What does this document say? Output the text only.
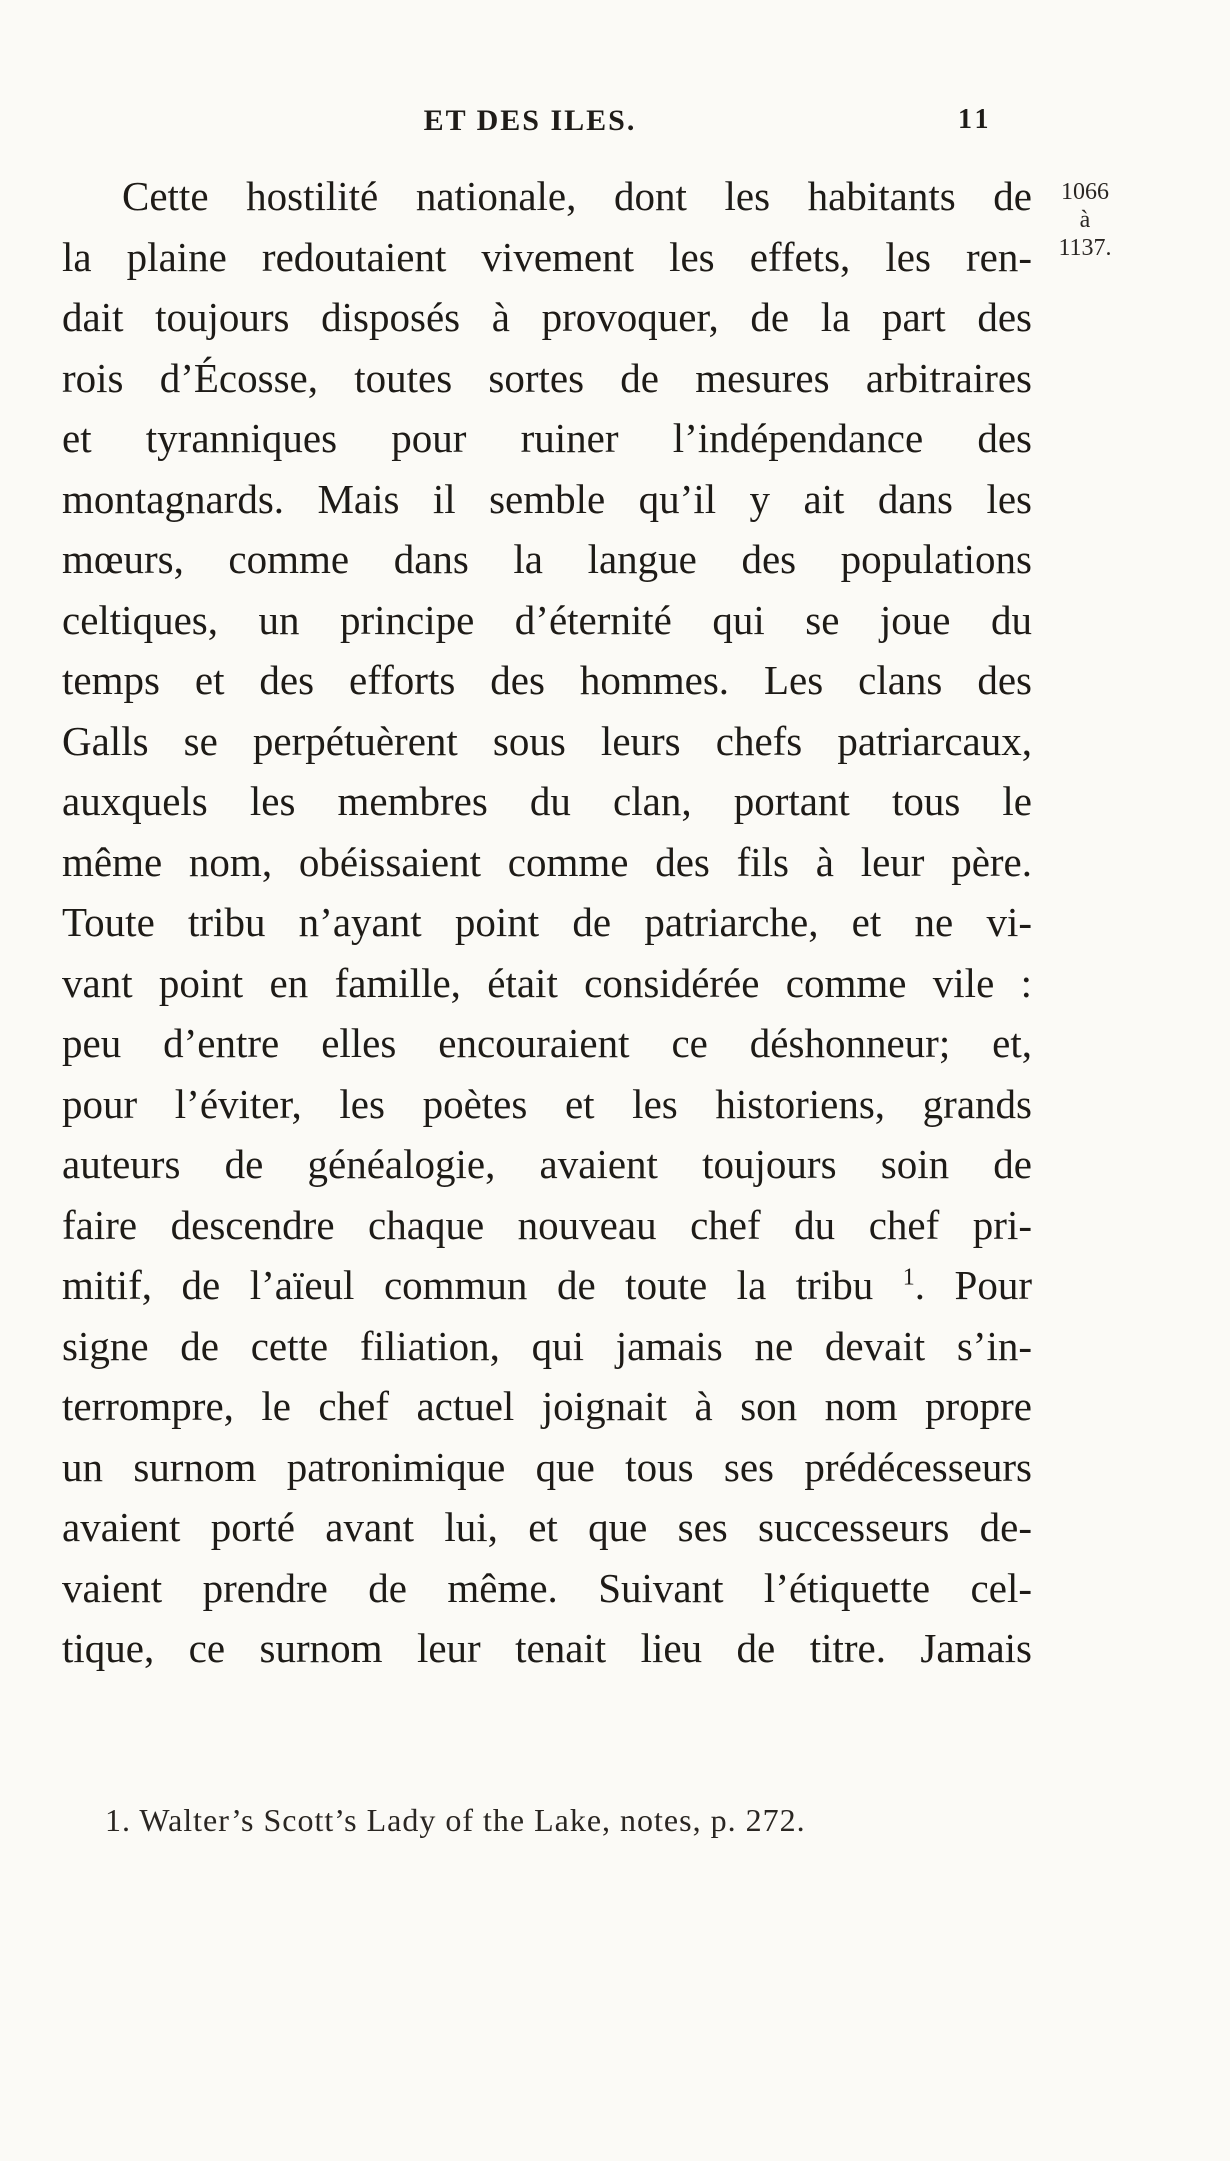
ET DES ILES.	11
1066
à
1137.
Cette hostilité nationale, dont les habitants de
la plaine redoutaient vivement les effets, les ren-
dait toujours disposés à provoquer, de la part des
rois d’Écosse, toutes sortes de mesures arbitraires
et tyranniques pour ruiner l’indépendance des
montagnards. Mais il semble qu’il y ait dans les
mœurs, comme dans la langue des populations
celtiques, un principe d’éternité qui se joue du
temps et des efforts des hommes. Les clans des
Galls se perpétuèrent sous leurs chefs patriarcaux,
auxquels les membres du clan, portant tous le
même nom, obéissaient comme des fils à leur père.
Toute tribu n’ayant point de patriarche, et ne vi-
vant point en famille, était considérée comme vile :
peu d’entre elles encouraient ce déshonneur; et,
pour l’éviter, les poètes et les historiens, grands
auteurs de généalogie, avaient toujours soin de
faire descendre chaque nouveau chef du chef pri-
mitif, de l’aïeul commun de toute la tribu $^1$. Pour
signe de cette filiation, qui jamais ne devait s’in-
terrompre, le chef actuel joignait à son nom propre
un surnom patronimique que tous ses prédécesseurs
avaient porté avant lui, et que ses successeurs de-
vaient prendre de même. Suivant l’étiquette cel-
tique, ce surnom leur tenait lieu de titre. Jamais
1. Walter’s Scott’s Lady of the Lake, notes, p. 272.
